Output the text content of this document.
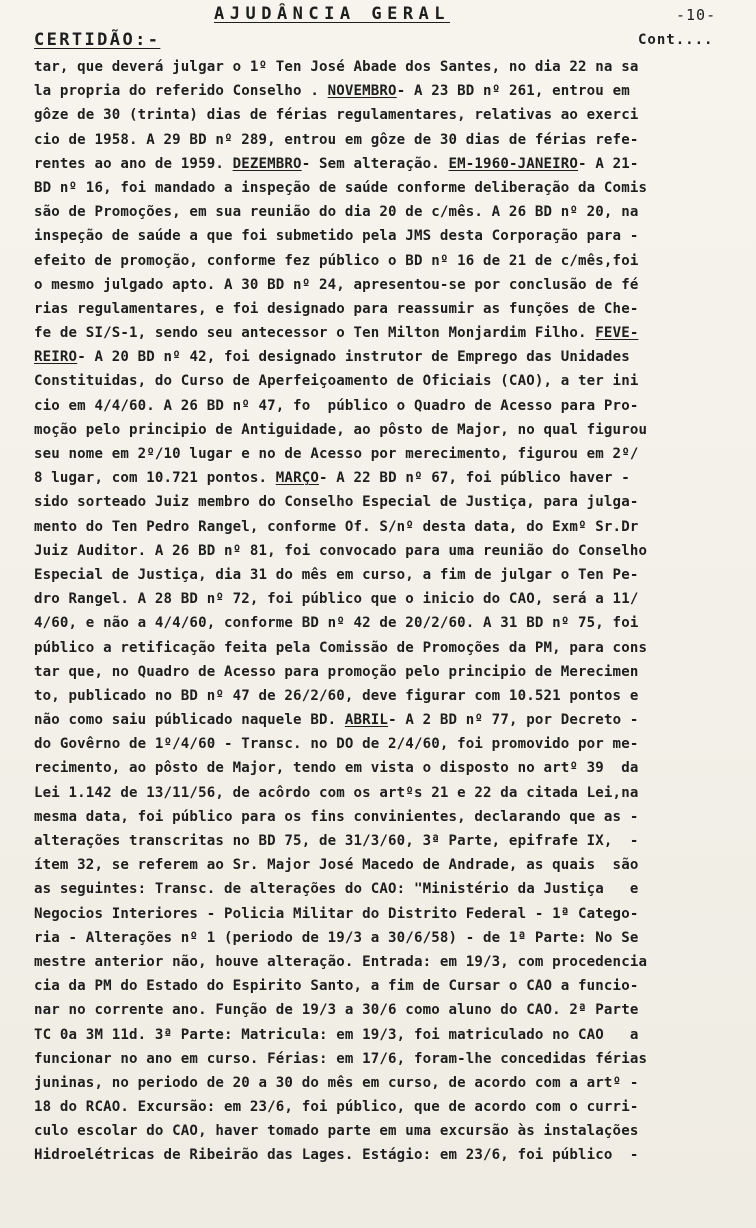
AJUDÂNCIA GERAL	-10-
CERTIDÃO:-	Cont....
tar, que deverá julgar o 1º Ten José Abade dos Santes, no dia 22 na sa
la propria do referido Conselho . NOVEMBRO- A 23 BD nº 261, entrou em
gôze de 30 (trinta) dias de férias regulamentares, relativas ao exerci
cio de 1958. A 29 BD nº 289, entrou em gôze de 30 dias de férias refe-
rentes ao ano de 1959. DEZEMBRO- Sem alteração. EM-1960-JANEIRO- A 21-
BD nº 16, foi mandado a inspeção de saúde conforme deliberação da Comis
são de Promoções, em sua reunião do dia 20 de c/mês. A 26 BD nº 20, na
inspeção de saúde a que foi submetido pela JMS desta Corporação para -
efeito de promoção, conforme fez público o BD nº 16 de 21 de c/mês,foi
o mesmo julgado apto. A 30 BD nº 24, apresentou-se por conclusão de fé
rias regulamentares, e foi designado para reassumir as funções de Che-
fe de SI/S-1, sendo seu antecessor o Ten Milton Monjardim Filho. FEVE-
REIRO- A 20 BD nº 42, foi designado instrutor de Emprego das Unidades
Constituidas, do Curso de Aperfeiçoamento de Oficiais (CAO), a ter ini
cio em 4/4/60. A 26 BD nº 47, fo  público o Quadro de Acesso para Pro-
moção pelo principio de Antiguidade, ao pôsto de Major, no qual figurou
seu nome em 2º/10 lugar e no de Acesso por merecimento, figurou em 2º/
8 lugar, com 10.721 pontos. MARÇO- A 22 BD nº 67, foi público haver -
sido sorteado Juiz membro do Conselho Especial de Justiça, para julga-
mento do Ten Pedro Rangel, conforme Of. S/nº desta data, do Exmº Sr.Dr
Juiz Auditor. A 26 BD nº 81, foi convocado para uma reunião do Conselho
Especial de Justiça, dia 31 do mês em curso, a fim de julgar o Ten Pe-
dro Rangel. A 28 BD nº 72, foi público que o inicio do CAO, será a 11/
4/60, e não a 4/4/60, conforme BD nº 42 de 20/2/60. A 31 BD nº 75, foi
público a retificação feita pela Comissão de Promoções da PM, para cons
tar que, no Quadro de Acesso para promoção pelo principio de Merecimen
to, publicado no BD nº 47 de 26/2/60, deve figurar com 10.521 pontos e
não como saiu públicado naquele BD. ABRIL- A 2 BD nº 77, por Decreto -
do Govêrno de 1º/4/60 - Transc. no DO de 2/4/60, foi promovido por me-
recimento, ao pôsto de Major, tendo em vista o disposto no artº 39  da
Lei 1.142 de 13/11/56, de acôrdo com os artºs 21 e 22 da citada Lei,na
mesma data, foi público para os fins convinientes, declarando que as -
alterações transcritas no BD 75, de 31/3/60, 3ª Parte, epifrafe IX,  -
ítem 32, se referem ao Sr. Major José Macedo de Andrade, as quais  são
as seguintes: Transc. de alterações do CAO: "Ministério da Justiça   e
Negocios Interiores - Policia Militar do Distrito Federal - 1ª Catego-
ria - Alterações nº 1 (periodo de 19/3 a 30/6/58) - de 1ª Parte: No Se
mestre anterior não, houve alteração. Entrada: em 19/3, com procedencia
cia da PM do Estado do Espirito Santo, a fim de Cursar o CAO a funcio-
nar no corrente ano. Função de 19/3 a 30/6 como aluno do CAO. 2ª Parte
TC 0a 3M 11d. 3ª Parte: Matricula: em 19/3, foi matriculado no CAO   a
funcionar no ano em curso. Férias: em 17/6, foram-lhe concedidas férias
juninas, no periodo de 20 a 30 do mês em curso, de acordo com a artº -
18 do RCAO. Excursão: em 23/6, foi público, que de acordo com o curri-
culo escolar do CAO, haver tomado parte em uma excursão às instalações
Hidroelétricas de Ribeirão das Lages. Estágio: em 23/6, foi público  -
